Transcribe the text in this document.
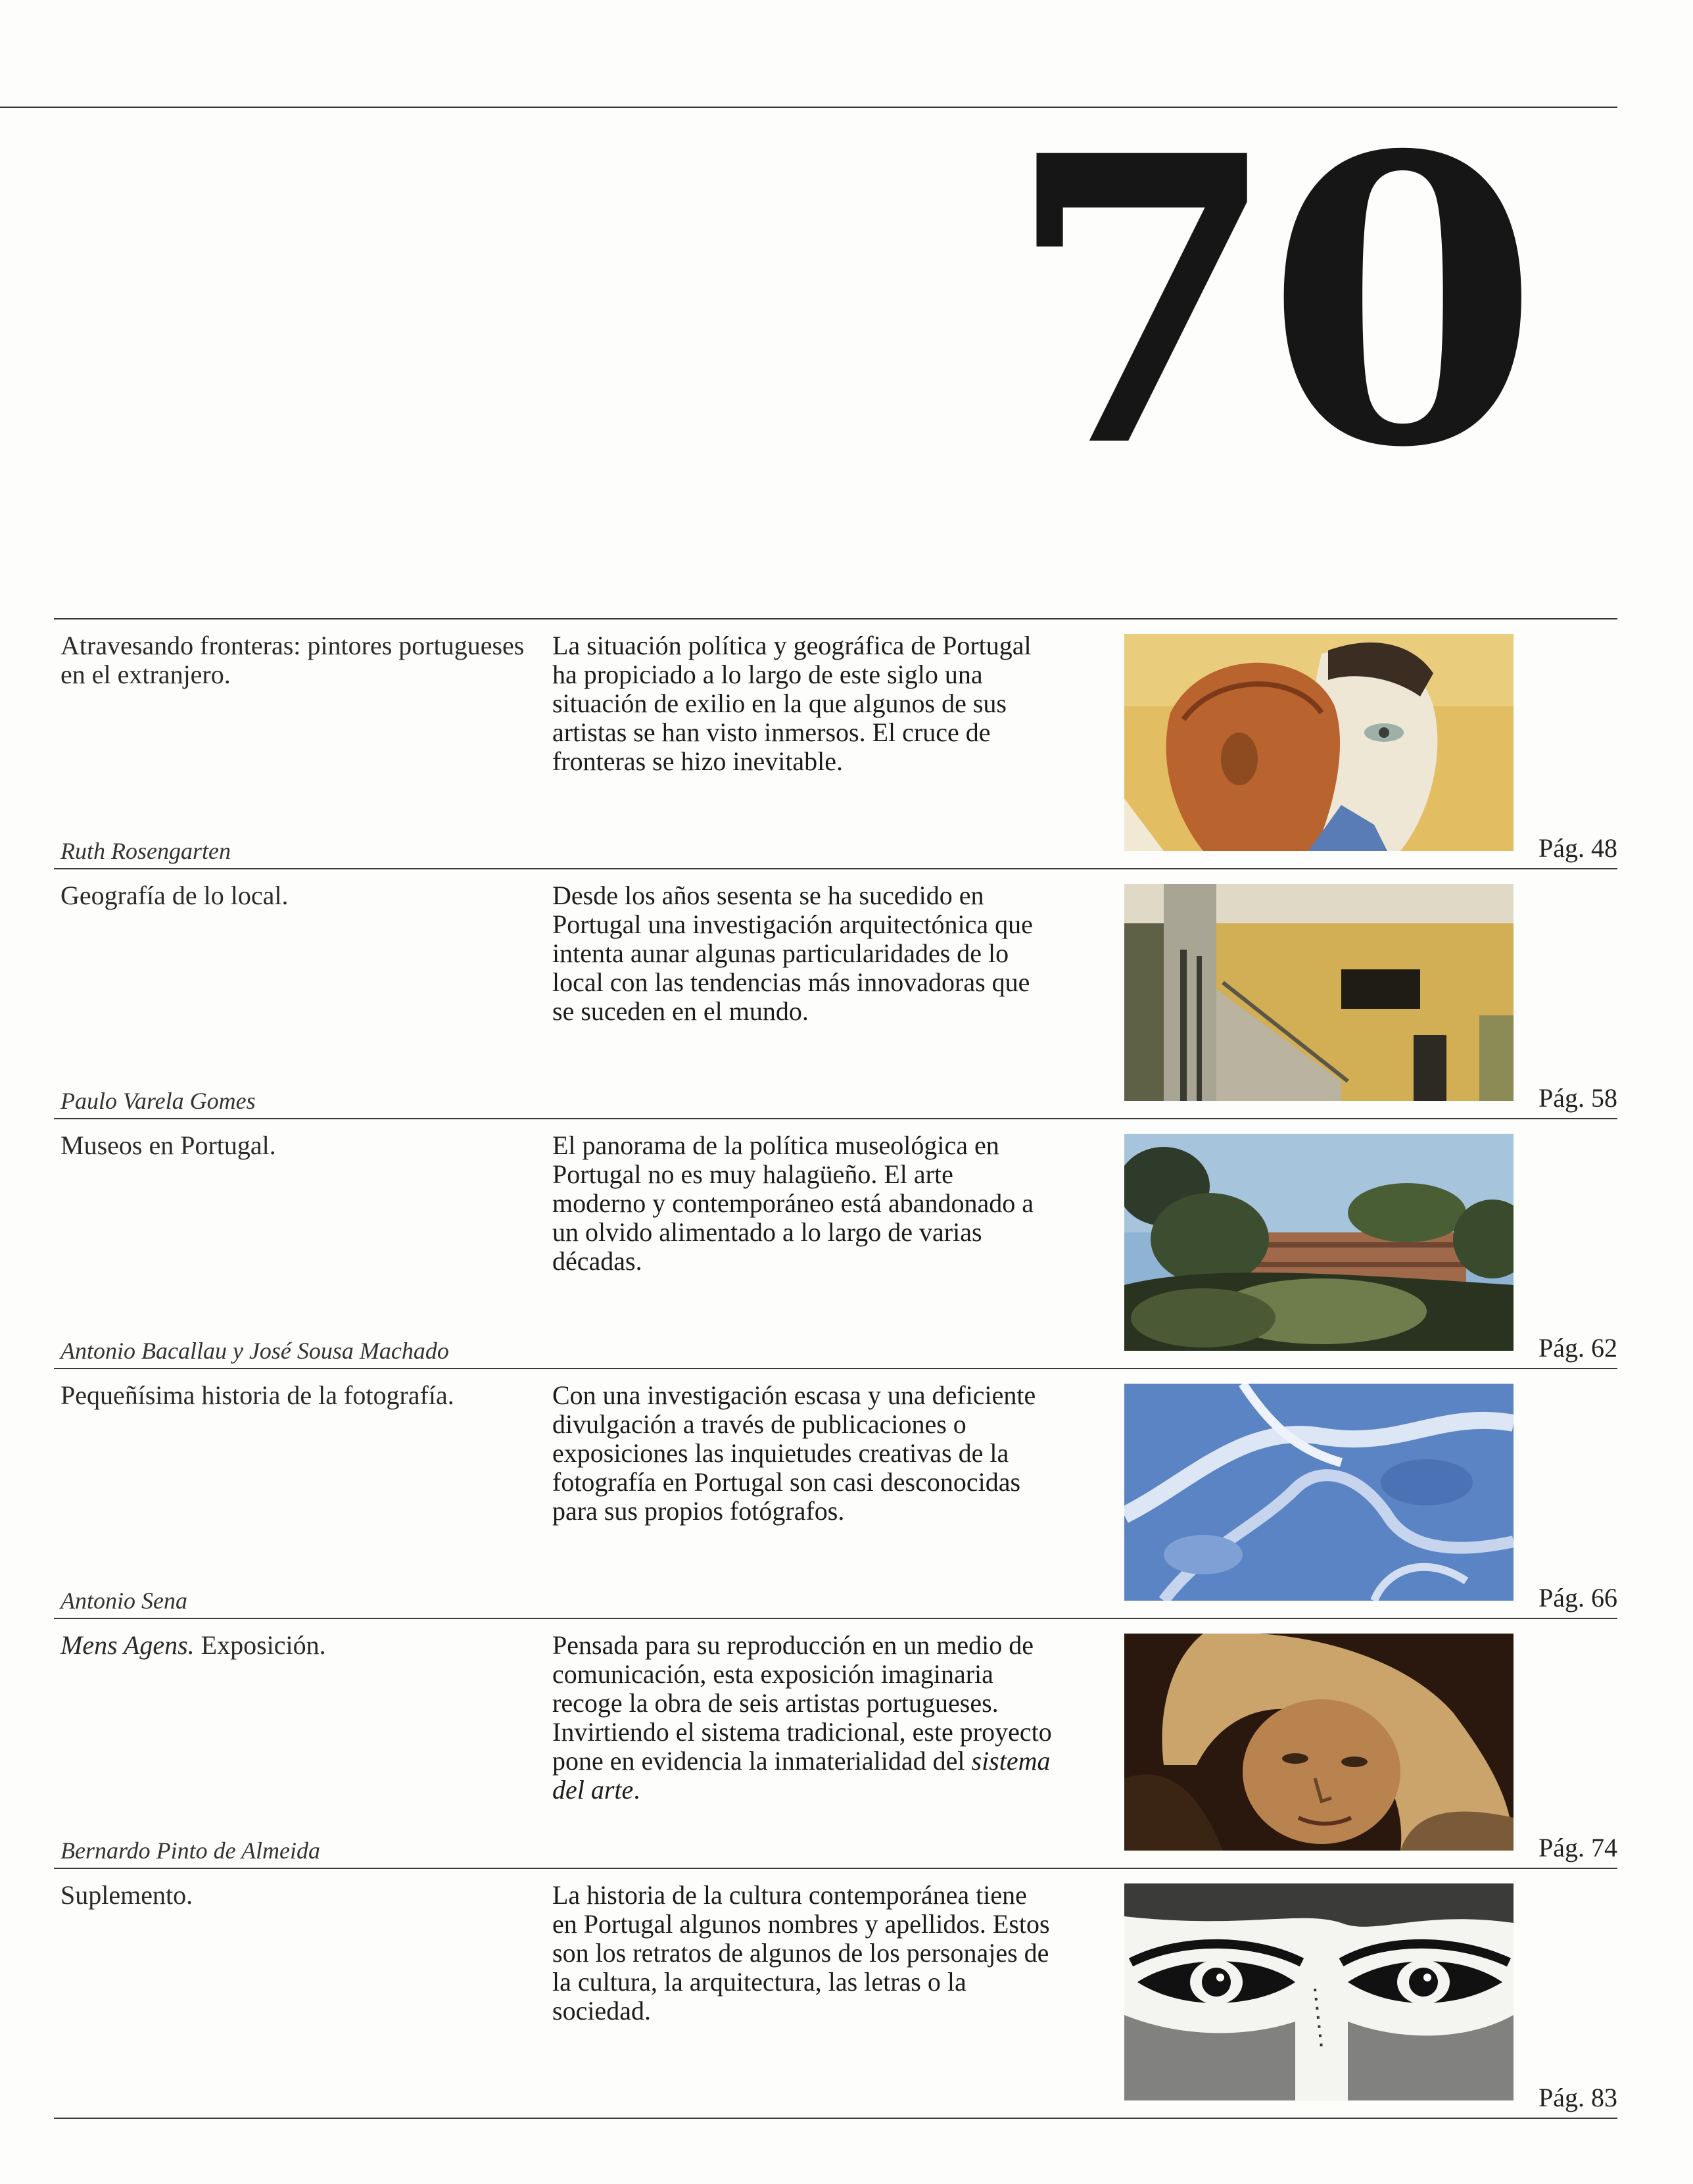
70
Atravesando fronteras: pintores portugueses en el extranjero.
Ruth Rosengarten
La situación política y geográfica de Portugal ha propiciado a lo largo de este siglo una situación de exilio en la que algunos de sus artistas se han visto inmersos. El cruce de fronteras se hizo inevitable.
Pág. 48
Geografía de lo local.
Paulo Varela Gomes
Desde los años sesenta se ha sucedido en Portugal una investigación arquitectónica que intenta aunar algunas particularidades de lo local con las tendencias más innovadoras que se suceden en el mundo.
Pág. 58
Museos en Portugal.
Antonio Bacallau y José Sousa Machado
El panorama de la política museológica en Portugal no es muy halagüeño. El arte moderno y contemporáneo está abandonado a un olvido alimentado a lo largo de varias décadas.
Pág. 62
Pequeñísima historia de la fotografía.
Antonio Sena
Con una investigación escasa y una deficiente divulgación a través de publicaciones o exposiciones las inquietudes creativas de la fotografía en Portugal son casi desconocidas para sus propios fotógrafos.
Pág. 66
Mens Agens. Exposición.
Bernardo Pinto de Almeida
Pensada para su reproducción en un medio de comunicación, esta exposición imaginaria recoge la obra de seis artistas portugueses. Invirtiendo el sistema tradicional, este proyecto pone en evidencia la inmaterialidad del sistema del arte.
Pág. 74
Suplemento.	La historia de la cultura contemporánea tiene en Portugal algunos nombres y apellidos. Estos son los retratos de algunos de los personajes de la cultura, la arquitectura, las letras o la sociedad.
Pág. 83
